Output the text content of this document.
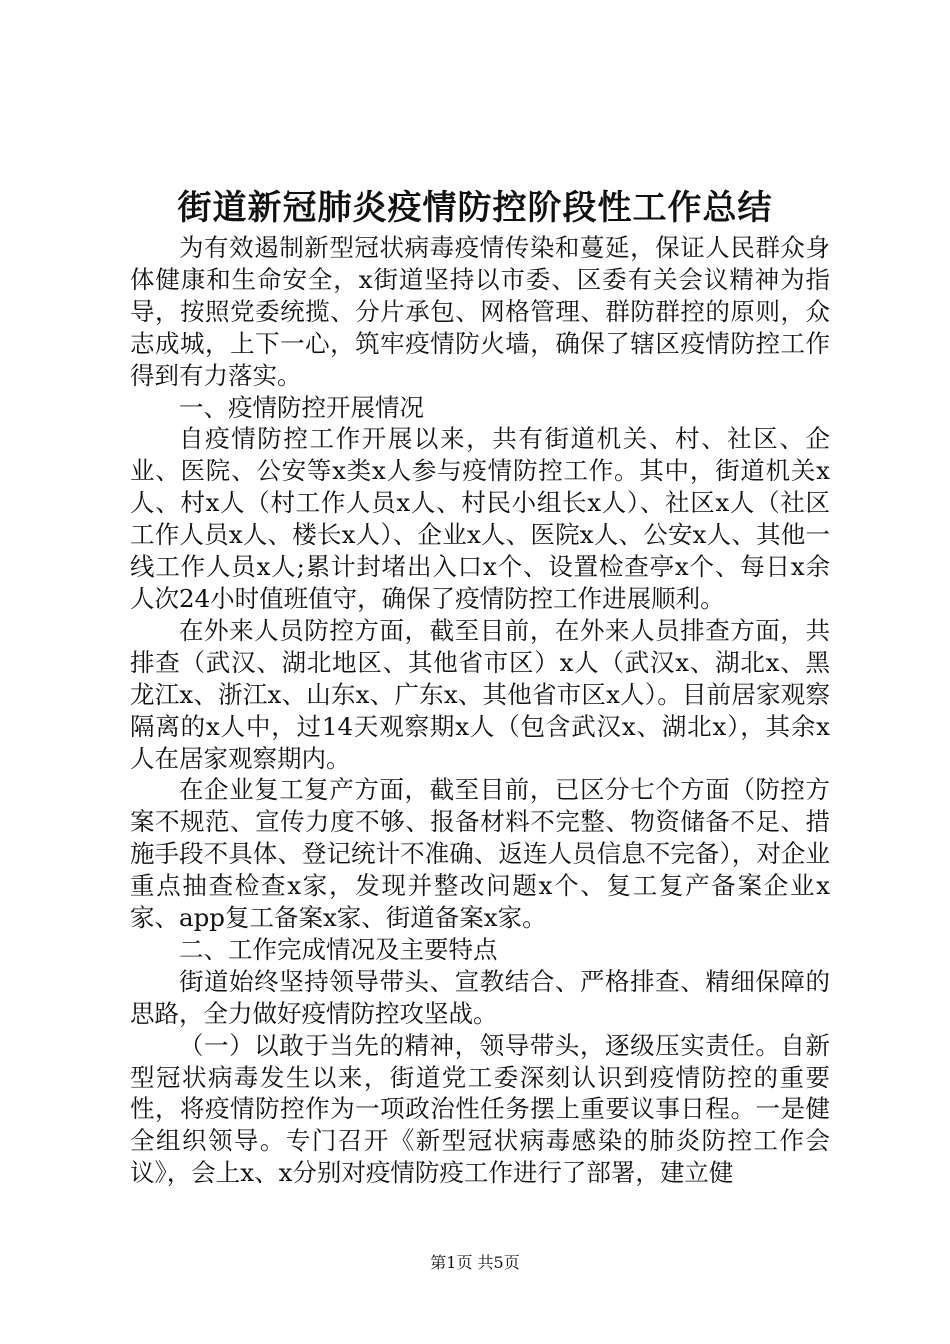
街道新冠肺炎疫情防控阶段性工作总结

为有效遏制新型冠状病毒疫情传染和蔓延，保证人民群众身体健康和生命安全，x街道坚持以市委、区委有关会议精神为指导，按照党委统揽、分片承包、网格管理、群防群控的原则，众志成城，上下一心，筑牢疫情防火墙，确保了辖区疫情防控工作得到有力落实。

一、疫情防控开展情况

自疫情防控工作开展以来，共有街道机关、村、社区、企业、医院、公安等x类x人参与疫情防控工作。其中，街道机关x人、村x人（村工作人员x人、村民小组长x人）、社区x人（社区工作人员x人、楼长x人）、企业x人、医院x人、公安x人、其他一线工作人员x人;累计封堵出入口x个、设置检查亭x个、每日x余人次24小时值班值守，确保了疫情防控工作进展顺利。

在外来人员防控方面，截至目前，在外来人员排查方面，共排查（武汉、湖北地区、其他省市区）x人（武汉x、湖北x、黑龙江x、浙江x、山东x、广东x、其他省市区x人）。目前居家观察隔离的x人中，过14天观察期x人（包含武汉x、湖北x），其余x人在居家观察期内。

在企业复工复产方面，截至目前，已区分七个方面（防控方案不规范、宣传力度不够、报备材料不完整、物资储备不足、措施手段不具体、登记统计不准确、返连人员信息不完备），对企业重点抽查检查x家，发现并整改问题x个、复工复产备案企业x家、app复工备案x家、街道备案x家。

二、工作完成情况及主要特点

街道始终坚持领导带头、宣教结合、严格排查、精细保障的思路，全力做好疫情防控攻坚战。

（一）以敢于当先的精神，领导带头，逐级压实责任。自新型冠状病毒发生以来，街道党工委深刻认识到疫情防控的重要性，将疫情防控作为一项政治性任务摆上重要议事日程。一是健全组织领导。专门召开《新型冠状病毒感染的肺炎防控工作会议》，会上x、x分别对疫情防疫工作进行了部署，建立健

第1页 共5页
